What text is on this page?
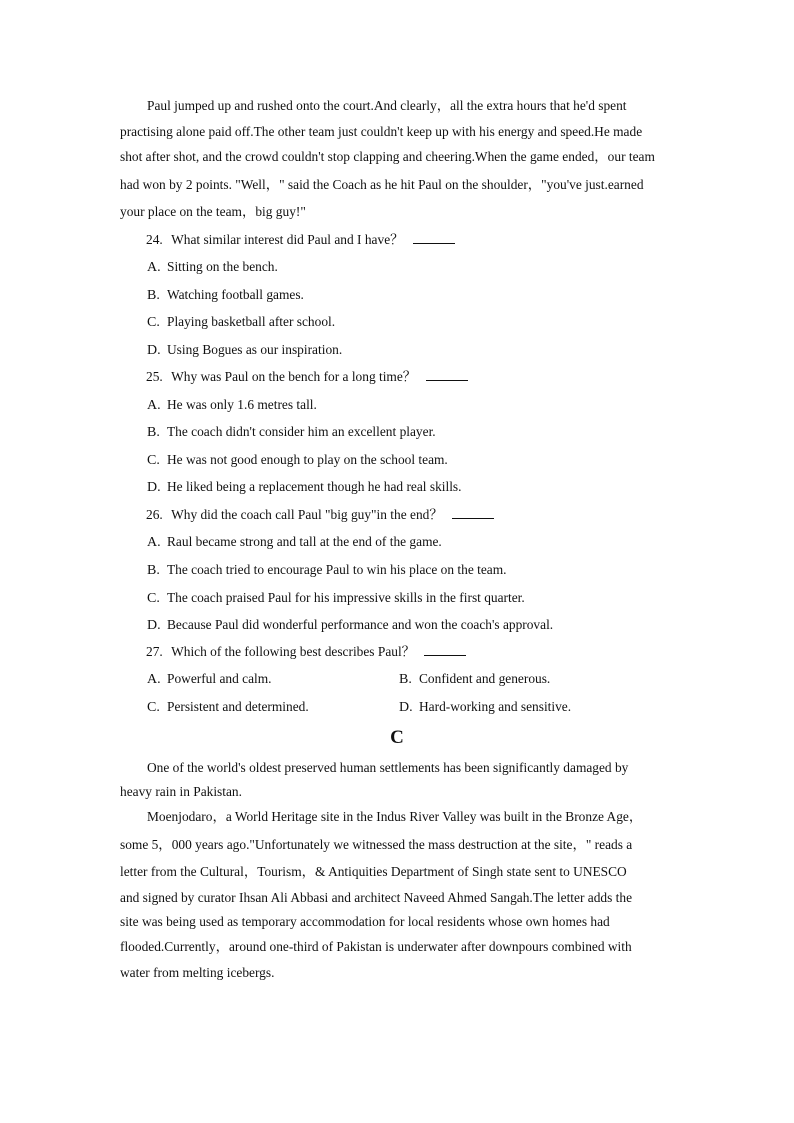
Paul jumped up and rushed onto the court.And clearly，all the extra hours that he'd spent
practising alone paid off.The other team just couldn't keep up with his energy and speed.He made
shot after shot, and the crowd couldn't stop clapping and cheering.When the game ended，our team
had won by 2 points. "Well，" said the Coach as he hit Paul on the shoulder，"you've just.earned
your place on the team，big guy!"
24. What similar interest did Paul and I have？
A. Sitting on the bench.
B. Watching football games.
C. Playing basketball after school.
D. Using Bogues as our inspiration.
25. Why was Paul on the bench for a long time？
A. He was only 1.6 metres tall.
B. The coach didn't consider him an excellent player.
C. He was not good enough to play on the school team.
D. He liked being a replacement though he had real skills.
26. Why did the coach call Paul "big guy"in the end？
A. Raul became strong and tall at the end of the game.
B. The coach tried to encourage Paul to win his place on the team.
C. The coach praised Paul for his impressive skills in the first quarter.
D. Because Paul did wonderful performance and won the coach's approval.
27. Which of the following best describes Paul？
A. Powerful and calm.	B. Confident and generous.
C. Persistent and determined.	D. Hard-working and sensitive.
C
One of the world's oldest preserved human settlements has been significantly damaged by
heavy rain in Pakistan.
Moenjodaro，a World Heritage site in the Indus River Valley was built in the Bronze Age，
some 5，000 years ago."Unfortunately we witnessed the mass destruction at the site，" reads a
letter from the Cultural，Tourism，& Antiquities Department of Singh state sent to UNESCO
and signed by curator Ihsan Ali Abbasi and architect Naveed Ahmed Sangah.The letter adds the
site was being used as temporary accommodation for local residents whose own homes had
flooded.Currently，around one-third of Pakistan is underwater after downpours combined with
water from melting icebergs.
